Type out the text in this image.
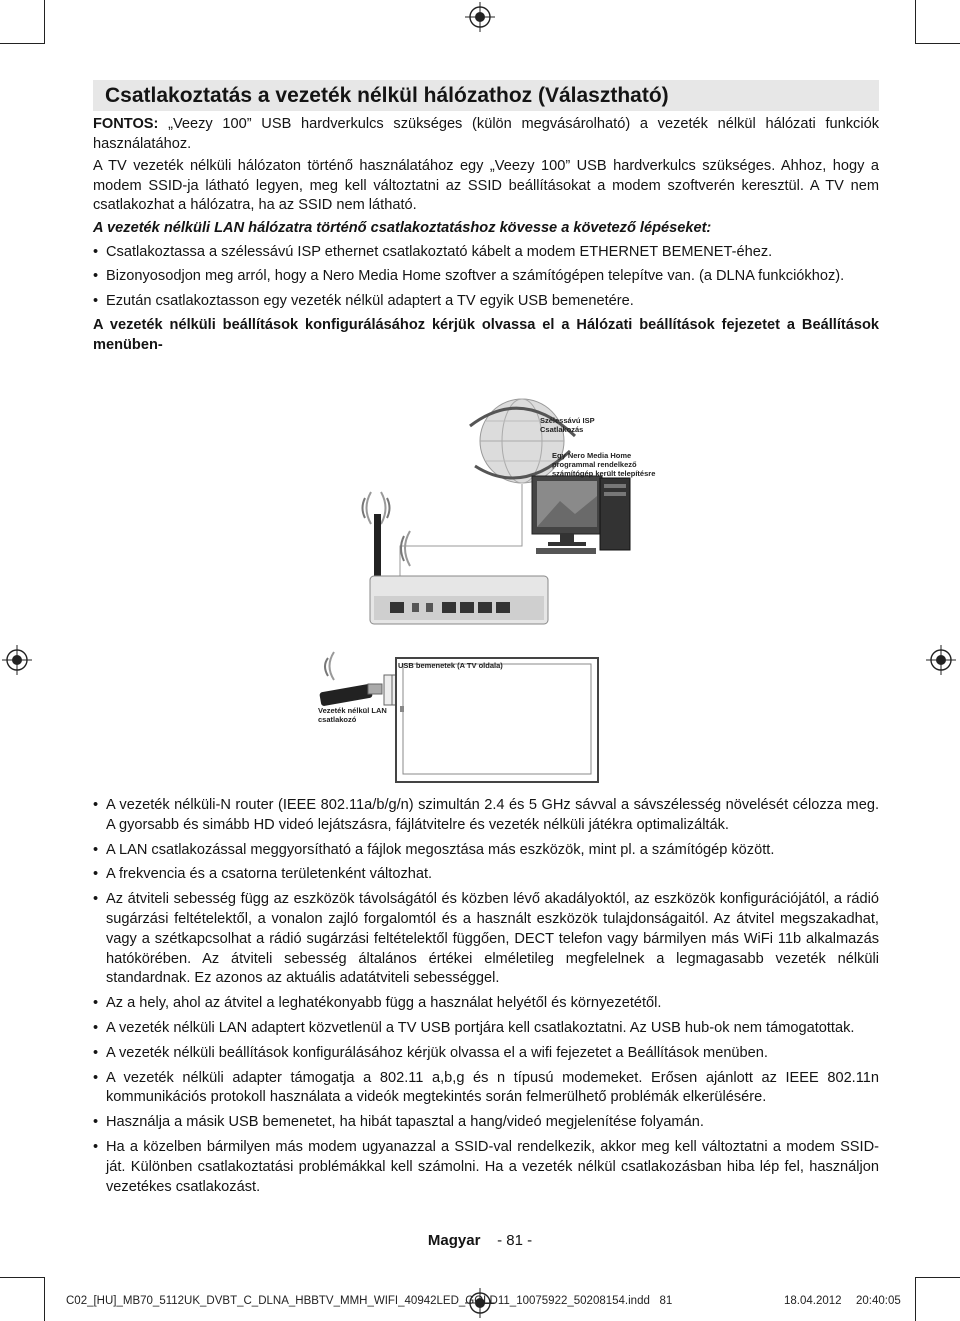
Csatlakoztatás a vezeték nélkül hálózathoz (Választható)

FONTOS: „Veezy 100” USB hardverkulcs szükséges (külön megvásárolható) a vezeték nélkül hálózati funkciók használatához.

A TV vezeték nélküli hálózaton történő használatához egy „Veezy 100” USB hardverkulcs szükséges. Ahhoz, hogy a modem SSID-ja látható legyen, meg kell változtatni az SSID beállításokat a modem szoftverén keresztül. A TV nem csatlakozhat a hálózatra, ha az SSID nem látható.

A vezeték nélküli LAN hálózatra történő csatlakoztatáshoz kövesse a követező lépéseket:

• Csatlakoztassa a szélessávú ISP ethernet csatlakoztató kábelt a modem ETHERNET BEMENET-éhez.
• Bizonyosodjon meg arról, hogy a Nero Media Home szoftver a számítógépen telepítve van. (a DLNA funkciókhoz).
• Ezután csatlakoztasson egy vezeték nélkül adaptert a TV egyik USB bemenetére.

A vezeték nélküli beállítások konfigurálásához kérjük olvassa el a Hálózati beállítások fejezetet a Beállítások menüben-

Szélessávú ISP Csatlakozás
Egy Nero Media Home programmal rendelkező számítógép került telepítésre
USB bemenetek (A TV oldala)
Vezeték nélkül LAN csatlakozó
• A vezeték nélküli-N router (IEEE 802.11a/b/g/n) szimultán 2.4 és 5 GHz sávval a sávszélesség növelését célozza meg. A gyorsabb és simább HD videó lejátszásra, fájlátvitelre és vezeték nélküli játékra optimalizálták.
• A LAN csatlakozással meggyorsítható a fájlok megosztása más eszközök, mint pl. a számítógép között.
• A frekvencia és a csatorna területenként változhat.
• Az átviteli sebesség függ az eszközök távolságától és közben lévő akadályoktól, az eszközök konfigurációjától, a rádió sugárzási feltételektől, a vonalon zajló forgalomtól és a használt eszközök tulajdonságaitól. Az átvitel megszakadhat, vagy a szétkapcsolhat a rádió sugárzási feltételektől függően, DECT telefon vagy bármilyen más WiFi 11b alkalmazás hatókörében. Az átviteli sebesség általános értékei elméletileg megfelelnek a legmagasabb vezeték nélküli standardnak. Ez azonos az aktuális adatátviteli sebességgel.
• Az a hely, ahol az átvitel a leghatékonyabb függ a használat helyétől és környezetétől.
• A vezeték nélküli LAN adaptert közvetlenül a TV USB portjára kell csatlakoztatni. Az USB hub-ok nem támogatottak.
• A vezeték nélküli beállítások konfigurálásához kérjük olvassa el a wifi fejezetet a Beállítások menüben.
• A vezeték nélküli adapter támogatja a 802.11 a,b,g és n típusú modemeket. Erősen ajánlott az IEEE 802.11n kommunikációs protokoll használata a videók megtekintés során felmerülhető problémák elkerülésére.
• Használja a másik USB bemenetet, ha hibát tapasztal a hang/videó megjelenítése folyamán.
• Ha a közelben bármilyen más modem ugyanazzal a SSID-val rendelkezik, akkor meg kell változtatni a modem SSID-ját. Különben csatlakoztatási problémákkal kell számolni. Ha a vezeték nélkül csatlakozásban hiba lép fel, használjon vezetékes csatlakozást.
Magyar - 81 -
C02_[HU]_MB70_5112UK_DVBT_C_DLNA_HBBTV_MMH_WIFI_40942LED_GOLD11_10075922_50208154.indd   81	18.04.2012 20:40:05
